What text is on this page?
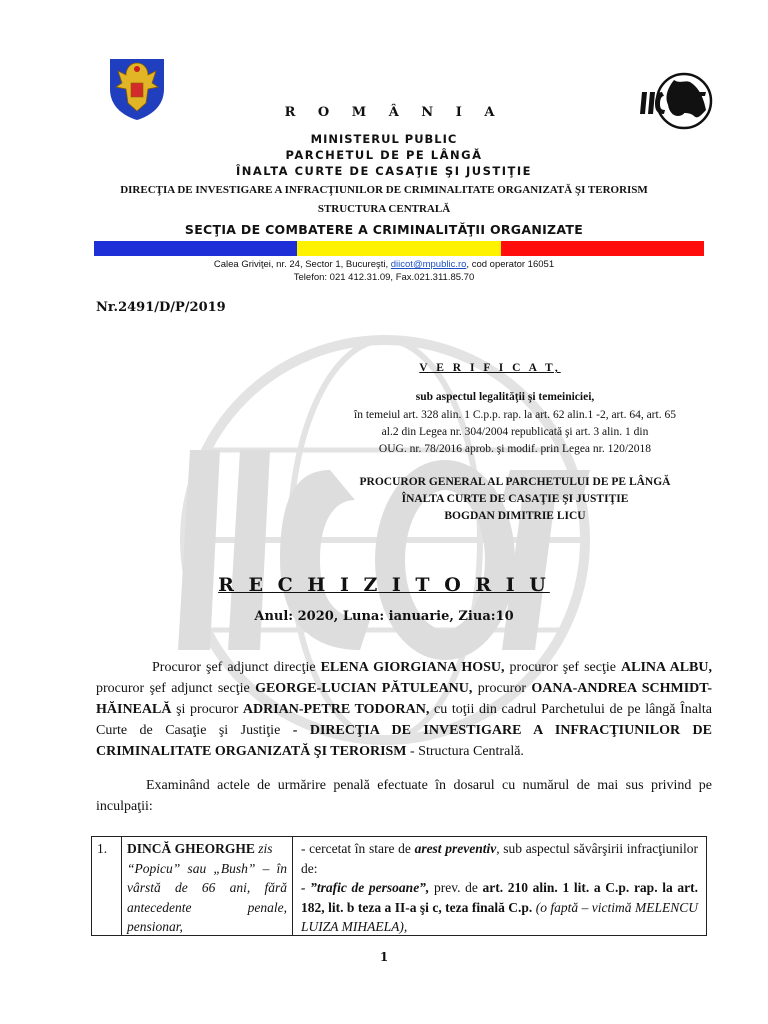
R O M Â N I A
MINISTERUL PUBLIC
PARCHETUL DE PE LÂNGĂ
ÎNALTA CURTE DE CASAŢIE ŞI JUSTIŢIE
DIRECŢIA DE INVESTIGARE A INFRACŢIUNILOR DE CRIMINALITATE ORGANIZATĂ ŞI TERORISM
STRUCTURA CENTRALĂ
SECŢIA DE COMBATERE A CRIMINALITĂŢII ORGANIZATE
Calea Griviţei, nr. 24, Sector 1, Bucureşti, diicot@mpublic.ro, cod operator 16051
Telefon: 021 412.31.09, Fax.021.311.85.70
Nr.2491/D/P/2019
V E R I F I C A T,
sub aspectul legalităţii şi temeiniciei,
în temeiul art. 328 alin. 1 C.p.p. rap. la art. 62 alin.1 -2, art. 64, art. 65
al.2 din Legea nr. 304/2004 republicată şi art. 3 alin. 1 din
OUG. nr. 78/2016 aprob. şi modif. prin Legea nr. 120/2018
PROCUROR GENERAL AL PARCHETULUI DE PE LÂNGĂ
ÎNALTA CURTE DE CASAŢIE ŞI JUSTIŢIE
BOGDAN DIMITRIE LICU
R E C H I Z I T O R I U
Anul: 2020, Luna: ianuarie, Ziua:10
Procuror şef adjunct direcţie ELENA GIORGIANA HOSU, procuror şef secţie ALINA ALBU, procuror şef adjunct secţie GEORGE-LUCIAN PĂTULEANU, procuror OANA-ANDREA SCHMIDT-HĂINEALĂ şi procuror ADRIAN-PETRE TODORAN, cu toţii din cadrul Parchetului de pe lângă Înalta Curte de Casaţie şi Justiţie - DIRECŢIA DE INVESTIGARE A INFRACŢIUNILOR DE CRIMINALITATE ORGANIZATĂ ŞI TERORISM - Structura Centrală.
Examinând actele de urmărire penală efectuate în dosarul cu numărul de mai sus privind pe inculpaţii:
1.	DINCĂ GHEORGHE zis
“Popicu” sau „Bush” – în vârstă de 66 ani, fără antecedente penale, pensionar,
- cercetat în stare de arest preventiv, sub aspectul săvârşirii infracţiunilor de:
- ”trafic de persoane”, prev. de art. 210 alin. 1 lit. a C.p. rap. la art. 182, lit. b teza a II-a şi c, teza finală C.p. (o faptă – victimă MELENCU LUIZA MIHAELA),
1
